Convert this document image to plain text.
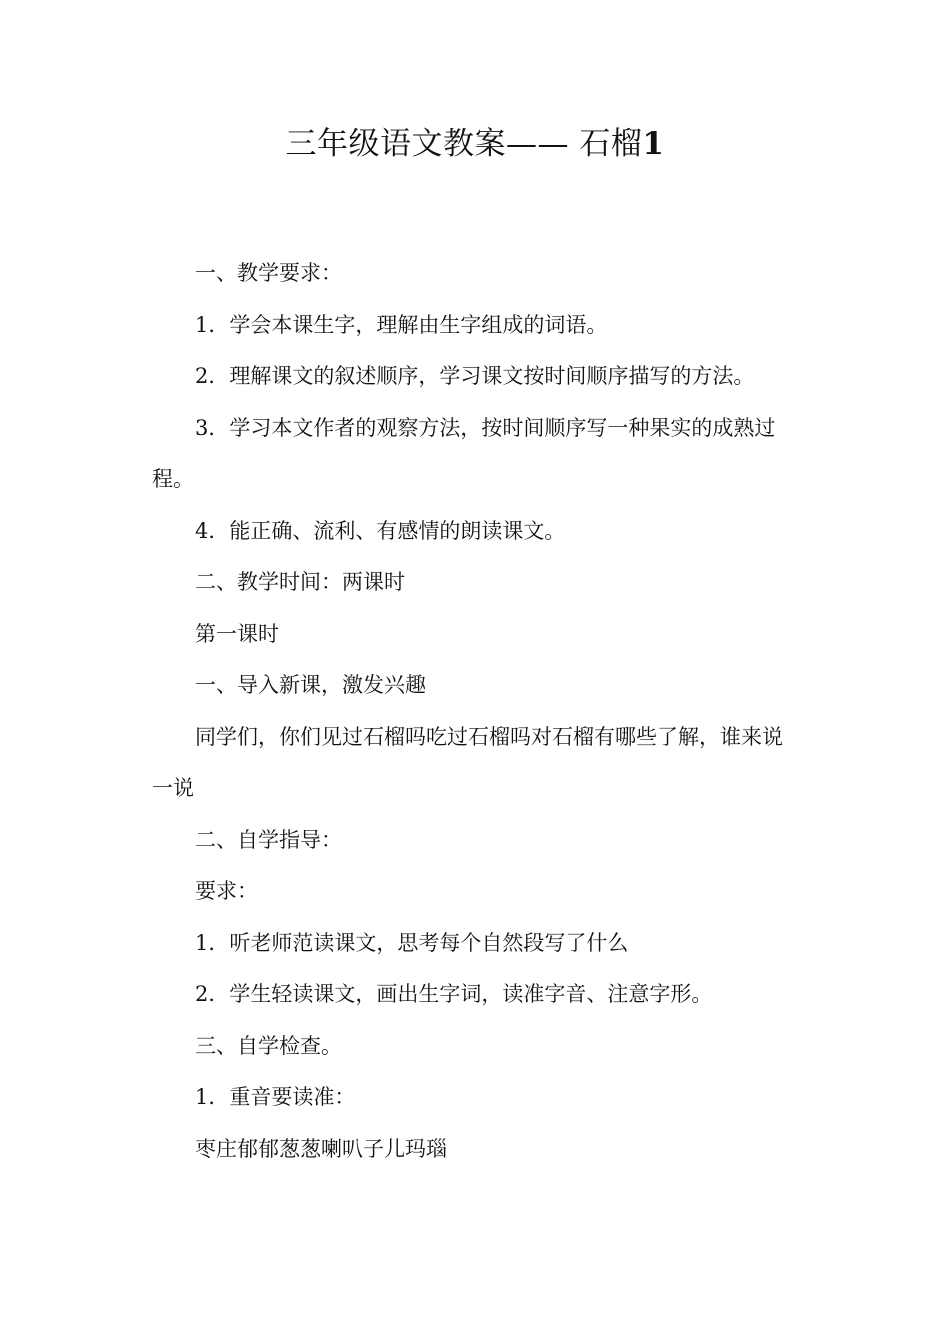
三年级语文教案—— 石榴1

一、教学要求：

1．学会本课生字，理解由生字组成的词语。

2．理解课文的叙述顺序，学习课文按时间顺序描写的方法。

3．学习本文作者的观察方法，按时间顺序写一种果实的成熟过程。

4．能正确、流利、有感情的朗读课文。

二、教学时间：两课时

第一课时

一、导入新课，激发兴趣

同学们，你们见过石榴吗吃过石榴吗对石榴有哪些了解，谁来说一说

二、自学指导：

要求：

1．听老师范读课文，思考每个自然段写了什么

2．学生轻读课文，画出生字词，读准字音、注意字形。

三、自学检查。

1．重音要读准：

枣庄郁郁葱葱喇叭子儿玛瑙
